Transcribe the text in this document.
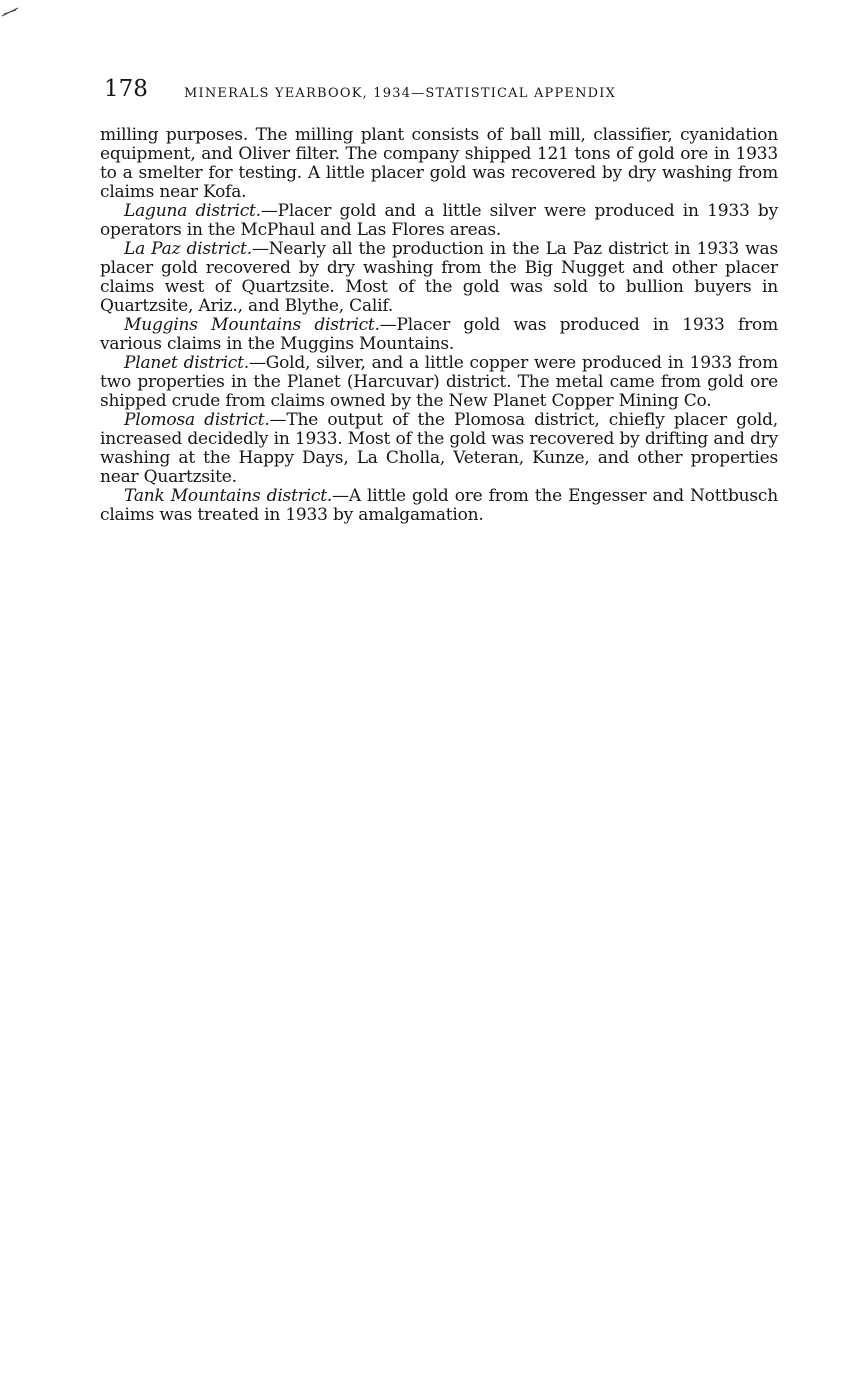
178	MINERALS YEARBOOK, 1934—STATISTICAL APPENDIX

milling purposes. The milling plant consists of ball mill, classifier, cyanidation equipment, and Oliver filter. The company shipped 121 tons of gold ore in 1933 to a smelter for testing. A little placer gold was recovered by dry washing from claims near Kofa.

Laguna district.—Placer gold and a little silver were produced in 1933 by operators in the McPhaul and Las Flores areas.

La Paz district.—Nearly all the production in the La Paz district in 1933 was placer gold recovered by dry washing from the Big Nugget and other placer claims west of Quartzsite. Most of the gold was sold to bullion buyers in Quartzsite, Ariz., and Blythe, Calif.

Muggins Mountains district.—Placer gold was produced in 1933 from various claims in the Muggins Mountains.

Planet district.—Gold, silver, and a little copper were produced in 1933 from two properties in the Planet (Harcuvar) district. The metal came from gold ore shipped crude from claims owned by the New Planet Copper Mining Co.

Plomosa district.—The output of the Plomosa district, chiefly placer gold, increased decidedly in 1933. Most of the gold was recovered by drifting and dry washing at the Happy Days, La Cholla, Veteran, Kunze, and other properties near Quartzsite.

Tank Mountains district.—A little gold ore from the Engesser and Nottbusch claims was treated in 1933 by amalgamation.
